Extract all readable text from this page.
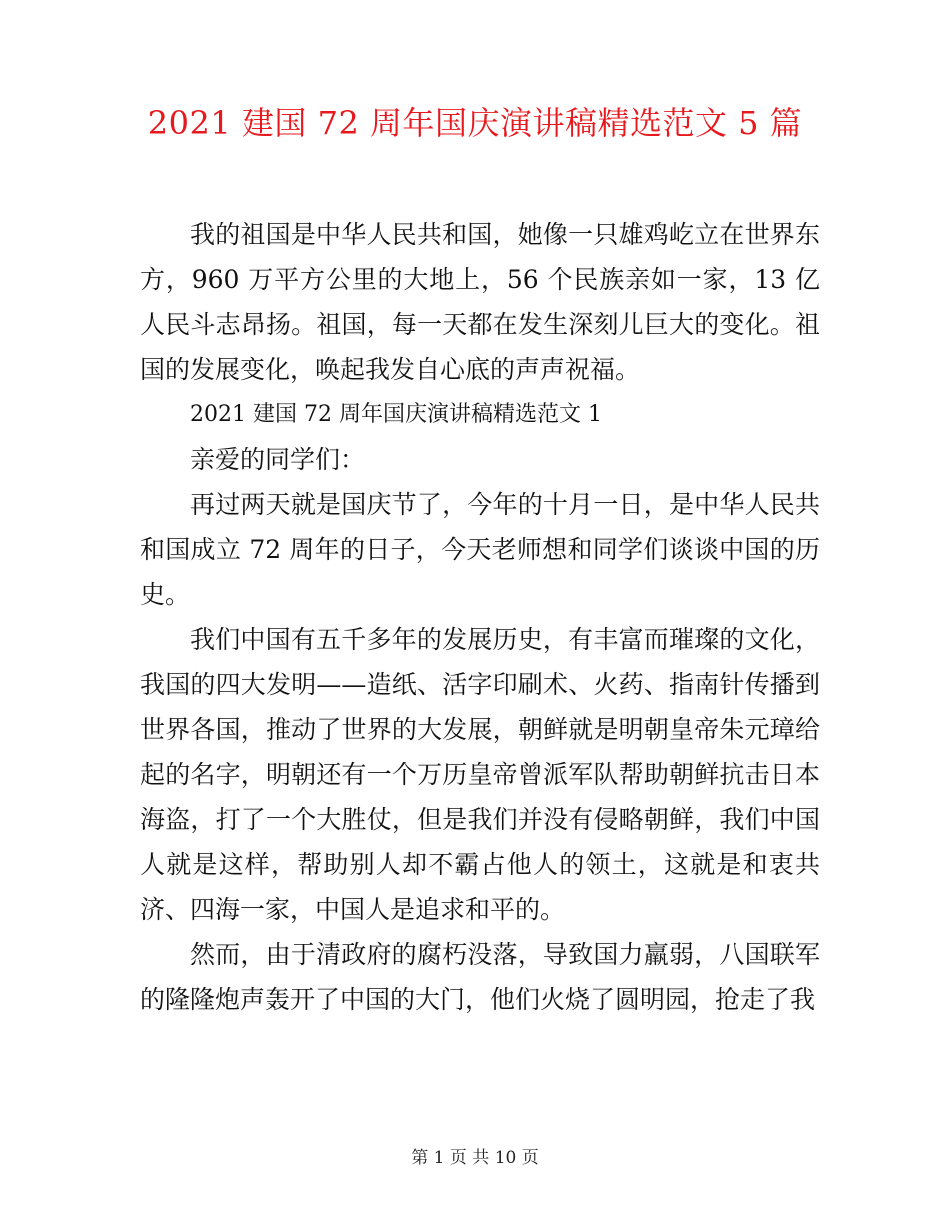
2021 建国 72 周年国庆演讲稿精选范文 5 篇

我的祖国是中华人民共和国，她像一只雄鸡屹立在世界东方，960 万平方公里的大地上，56 个民族亲如一家，13 亿人民斗志昂扬。祖国，每一天都在发生深刻儿巨大的变化。祖国的发展变化，唤起我发自心底的声声祝福。

2021 建国 72 周年国庆演讲稿精选范文 1

亲爱的同学们：

再过两天就是国庆节了，今年的十月一日，是中华人民共和国成立 72 周年的日子，今天老师想和同学们谈谈中国的历史。

我们中国有五千多年的发展历史，有丰富而璀璨的文化，我国的四大发明——造纸、活字印刷术、火药、指南针传播到世界各国，推动了世界的大发展，朝鲜就是明朝皇帝朱元璋给起的名字，明朝还有一个万历皇帝曾派军队帮助朝鲜抗击日本海盗，打了一个大胜仗，但是我们并没有侵略朝鲜，我们中国人就是这样，帮助别人却不霸占他人的领土，这就是和衷共济、四海一家，中国人是追求和平的。

然而，由于清政府的腐朽没落，导致国力羸弱，八国联军的隆隆炮声轰开了中国的大门，他们火烧了圆明园，抢走了我

第 1 页 共 10 页
